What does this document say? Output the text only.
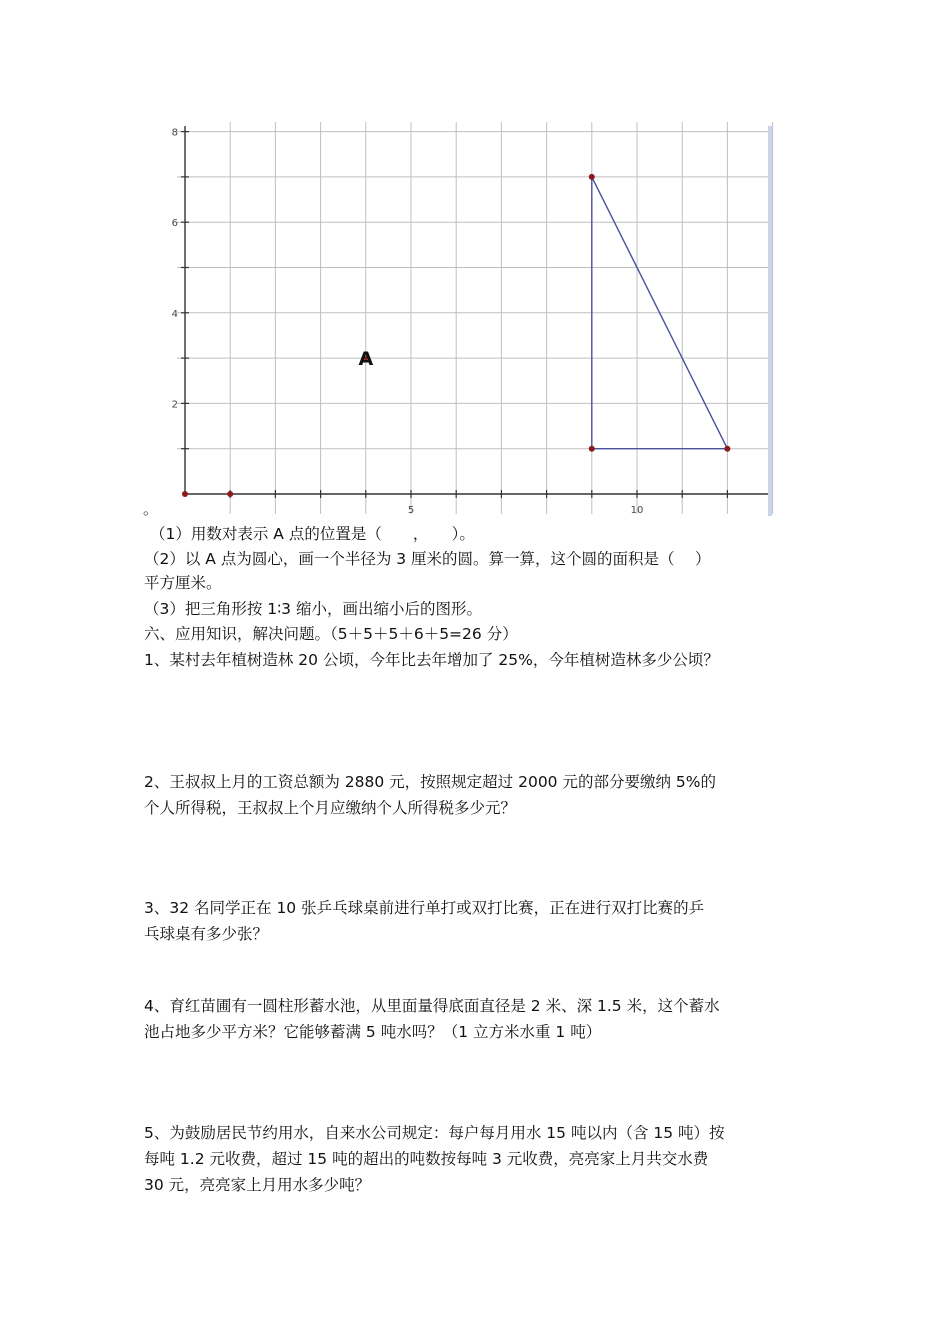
5	10
2
4
6
8
A
。
（1）用数对表示 A 点的位置是（　　，　　）。
（2）以 A 点为圆心，画一个半径为 3 厘米的圆。算一算，这个圆的面积是（　 ）
平方厘米。
（3）把三角形按 1∶3 缩小，画出缩小后的图形。
六、应用知识，解决问题。（5＋5＋5＋6＋5=26 分）
1、某村去年植树造林 20 公顷，今年比去年增加了 25%，今年植树造林多少公顷？
2、王叔叔上月的工资总额为 2880 元，按照规定超过 2000 元的部分要缴纳 5%的
个人所得税，王叔叔上个月应缴纳个人所得税多少元？
3、32 名同学正在 10 张乒乓球桌前进行单打或双打比赛，正在进行双打比赛的乒
乓球桌有多少张？
4、育红苗圃有一圆柱形蓄水池，从里面量得底面直径是 2 米、深 1.5 米，这个蓄水
池占地多少平方米？它能够蓄满 5 吨水吗？（1 立方米水重 1 吨）
5、为鼓励居民节约用水，自来水公司规定：每户每月用水 15 吨以内（含 15 吨）按
每吨 1.2 元收费，超过 15 吨的超出的吨数按每吨 3 元收费，亮亮家上月共交水费
30 元，亮亮家上月用水多少吨？
